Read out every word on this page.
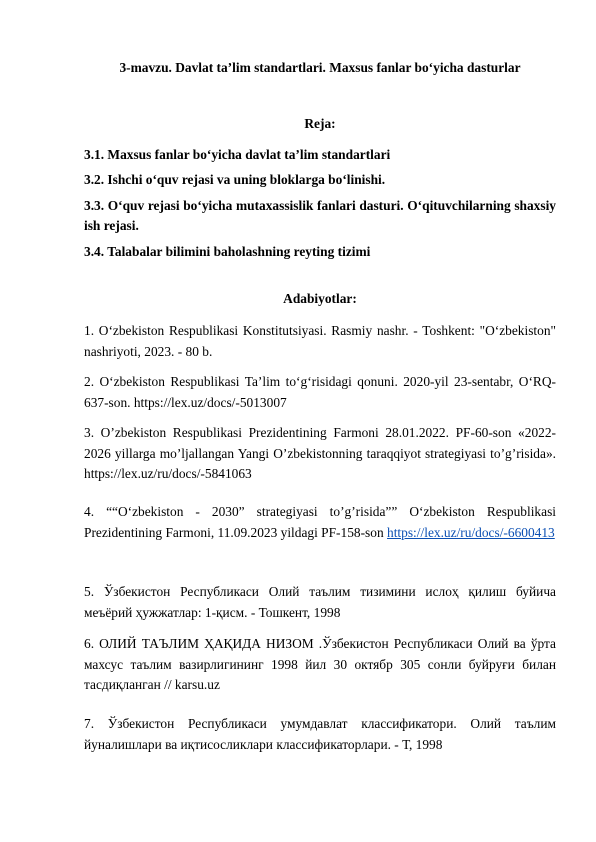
3-mavzu. Davlat ta’lim standartlari. Maxsus fanlar bo‘yicha dasturlar
Reja:
3.1. Maxsus fanlar bo‘yicha davlat ta’lim standartlari
3.2. Ishchi o‘quv rejasi va uning bloklarga bo‘linishi.
3.3. O‘quv rejasi bo‘yicha mutaxassislik fanlari dasturi. O‘qituvchilarning shaxsiy ish rejasi.
3.4. Talabalar bilimini baholashning reyting tizimi
Adabiyotlar:
1. O‘zbekiston Respublikasi Konstitutsiyasi. Rasmiy nashr. - Toshkent: "O‘zbekiston" nashriyoti, 2023. - 80 b.
2. O‘zbekiston Respublikasi Ta’lim to‘g‘risidagi qonuni. 2020-yil 23-sentabr, O‘RQ-637-son. https://lex.uz/docs/-5013007
3. O’zbekiston Respublikasi Prezidentining Farmoni 28.01.2022. PF-60-son «2022-2026 yillarga mo’ljallangan Yangi O’zbekistonning taraqqiyot strategiyasi to’g’risida». https://lex.uz/ru/docs/-5841063
4. ““O‘zbekiston - 2030” strategiyasi to’g’risida”” O‘zbekiston Respublikasi Prezidentining Farmoni, 11.09.2023 yildagi PF-158-son https://lex.uz/ru/docs/-6600413
5. Ўзбекистон Республикаси Олий таълим тизимини ислоҳ қилиш буйича меъёрий ҳужжатлар: 1-қисм. - Тошкент, 1998
6. ОЛИЙ ТАЪЛИМ ҲАҚИДА НИЗОМ .Ўзбекистон Республикаси Олий ва ўрта махсус таълим вазирлигининг 1998 йил 30 октябр 305 сонли буйруғи билан тасдиқланган // karsu.uz
7. Ўзбекистон Республикаси умумдавлат классификатори. Олий таълим йуналишлари ва иқтисосликлари классификаторлари. - Т, 1998
